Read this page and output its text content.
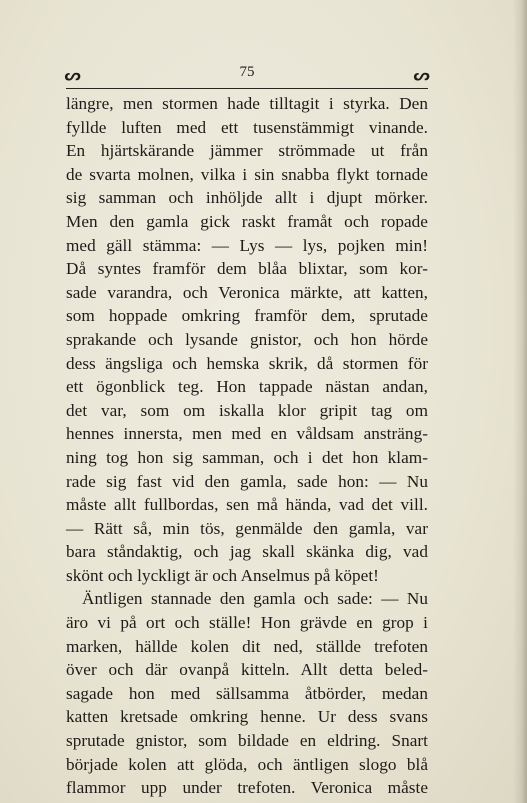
ᔕ	75	ᔕ
längre, men stormen hade tilltagit i styrka. Den
fyllde luften med ett tusenstämmigt vinande.
En hjärtskärande jämmer strömmade ut från
de svarta molnen, vilka i sin snabba flykt tornade
sig samman och inhöljde allt i djupt mörker.
Men den gamla gick raskt framåt och ropade
med gäll stämma: — Lys — lys, pojken min!
Då syntes framför dem blåa blixtar, som kor-
sade varandra, och Veronica märkte, att katten,
som hoppade omkring framför dem, sprutade
sprakande och lysande gnistor, och hon hörde
dess ängsliga och hemska skrik, då stormen för
ett ögonblick teg. Hon tappade nästan andan,
det var, som om iskalla klor gripit tag om
hennes innersta, men med en våldsam ansträng-
ning tog hon sig samman, och i det hon klam-
rade sig fast vid den gamla, sade hon: — Nu
måste allt fullbordas, sen må hända, vad det vill.
— Rätt så, min tös, genmälde den gamla, var
bara ståndaktig, och jag skall skänka dig, vad
skönt och lyckligt är och Anselmus på köpet!
Äntligen stannade den gamla och sade: — Nu
äro vi på ort och ställe! Hon grävde en grop i
marken, hällde kolen dit ned, ställde trefoten
över och där ovanpå kitteln. Allt detta beled-
sagade hon med sällsamma åtbörder, medan
katten kretsade omkring henne. Ur dess svans
sprutade gnistor, som bildade en eldring. Snart
började kolen att glöda, och äntligen slogo blå
flammor upp under trefoten. Veronica måste
